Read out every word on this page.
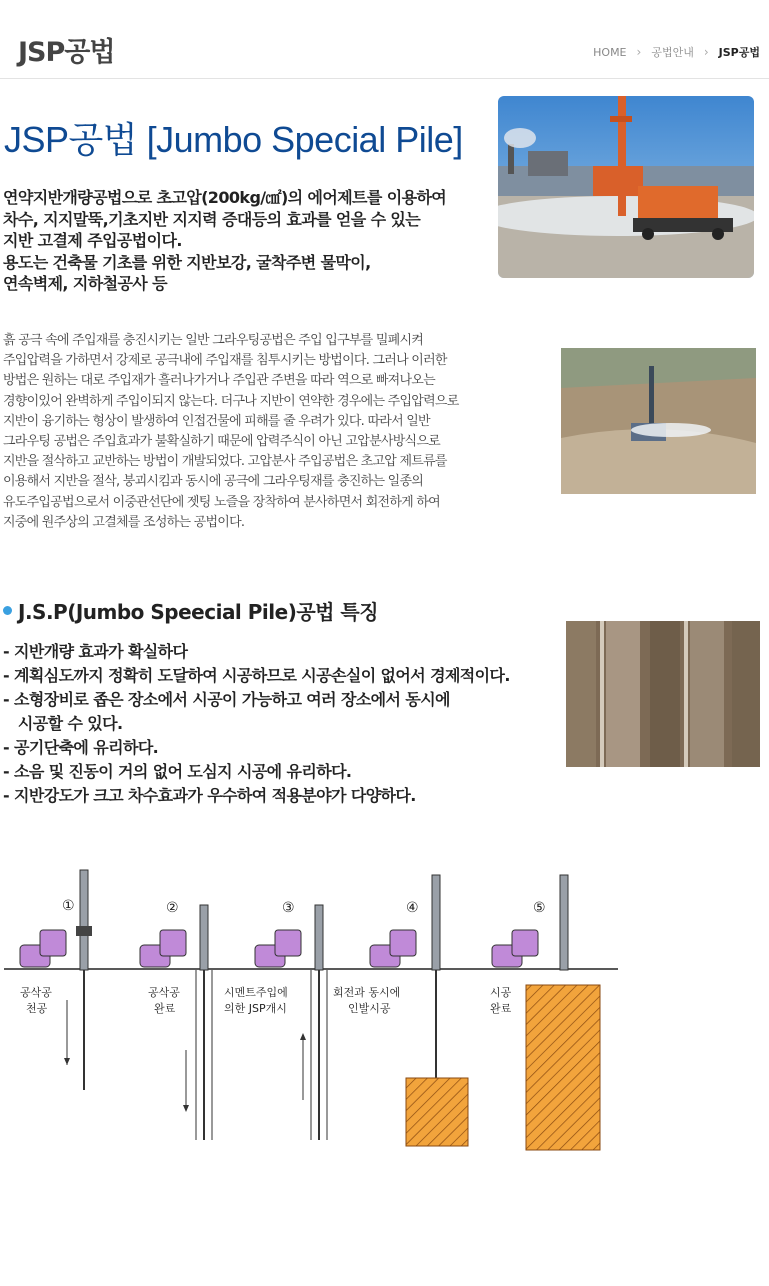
JSP공법	HOME › 공법안내 › JSP공법
JSP공법 [Jumbo Special Pile]
연약지반개량공법으로 초고압(200kg/㎠)의 에어제트를 이용하여
차수, 지지말뚝,기초지반 지지력 증대등의 효과를 얻을 수 있는
지반 고결제 주입공법이다.
용도는 건축물 기초를 위한 지반보강, 굴착주변 물막이,
연속벽제, 지하철공사 등
흙 공극 속에 주입재를 충진시키는 일반 그라우팅공법은 주입 입구부를 밀폐시켜
주입압력을 가하면서 강제로 공극내에 주입재를 침투시키는 방법이다. 그러나 이러한
방법은 원하는 대로 주입재가 흘러나가거나 주입관 주변을 따라 역으로 빠져나오는
경향이있어 완벽하게 주입이되지 않는다. 더구나 지반이 연약한 경우에는 주입압력으로
지반이 융기하는 형상이 발생하여 인접건물에 피해를 줄 우려가 있다. 따라서 일반
그라우팅 공법은 주입효과가 불확실하기 때문에 압력주식이 아닌 고압분사방식으로
지반을 절삭하고 교반하는 방법이 개발되었다. 고압분사 주입공법은 초고압 제트류를
이용해서 지반을 절삭, 붕괴시킴과 동시에 공극에 그라우팅재를 충진하는 일종의
유도주입공법으로서 이중관선단에 젯팅 노즐을 장착하여 분사하면서 회전하게 하여
지중에 원주상의 고결체를 조성하는 공법이다.
J.S.P(Jumbo Speecial Pile)공법 특징
- 지반개량 효과가 확실하다
- 계획심도까지 정확히 도달하여 시공하므로 시공손실이 없어서 경제적이다.
- 소형장비로 좁은 장소에서 시공이 가능하고 여러 장소에서 동시에
시공할 수 있다.
- 공기단축에 유리하다.
- 소음 및 진동이 거의 없어 도심지 시공에 유리하다.
- 지반강도가 크고 차수효과가 우수하여 적용분야가 다양하다.
①	②	③	④	⑤
공삭공
천공
공삭공
완료
시멘트주입에
의한 JSP개시
회전과 동시에
인발시공
시공
완료
